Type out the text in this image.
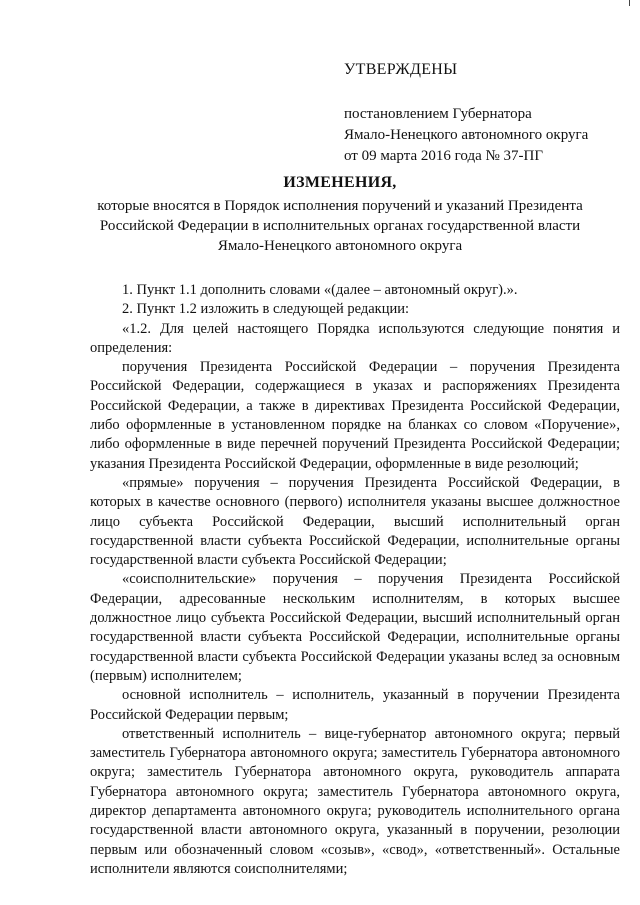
УТВЕРЖДЕНЫ
постановлением Губернатора
Ямало-Ненецкого автономного округа
от 09 марта 2016 года № 37-ПГ
ИЗМЕНЕНИЯ,
которые вносятся в Порядок исполнения поручений и указаний Президента
Российской Федерации в исполнительных органах государственной власти
Ямало-Ненецкого автономного округа

1. Пункт 1.1 дополнить словами «(далее – автономный округ).».

2. Пункт 1.2 изложить в следующей редакции:

«1.2. Для целей настоящего Порядка используются следующие понятия и определения:

поручения Президента Российской Федерации – поручения Президента Российской Федерации, содержащиеся в указах и распоряжениях Президента Российской Федерации, а также в директивах Президента Российской Федерации, либо оформленные в установленном порядке на бланках со словом «Поручение», либо оформленные в виде перечней поручений Президента Российской Федерации; указания Президента Российской Федерации, оформленные в виде резолюций;

«прямые» поручения – поручения Президента Российской Федерации, в которых в качестве основного (первого) исполнителя указаны высшее должностное лицо субъекта Российской Федерации, высший исполнительный орган государственной власти субъекта Российской Федерации, исполнительные органы государственной власти субъекта Российской Федерации;

«соисполнительские» поручения – поручения Президента Российской Федерации, адресованные нескольким исполнителям, в которых высшее должностное лицо субъекта Российской Федерации, высший исполнительный орган государственной власти субъекта Российской Федерации, исполнительные органы государственной власти субъекта Российской Федерации указаны вслед за основным (первым) исполнителем;

основной исполнитель – исполнитель, указанный в поручении Президента Российской Федерации первым;

ответственный исполнитель – вице-губернатор автономного округа; первый заместитель Губернатора автономного округа; заместитель Губернатора автономного округа; заместитель Губернатора автономного округа, руководитель аппарата Губернатора автономного округа; заместитель Губернатора автономного округа, директор департамента автономного округа; руководитель исполнительного органа государственной власти автономного округа, указанный в поручении, резолюции первым или обозначенный словом «созыв», «свод», «ответственный». Остальные исполнители являются соисполнителями;
